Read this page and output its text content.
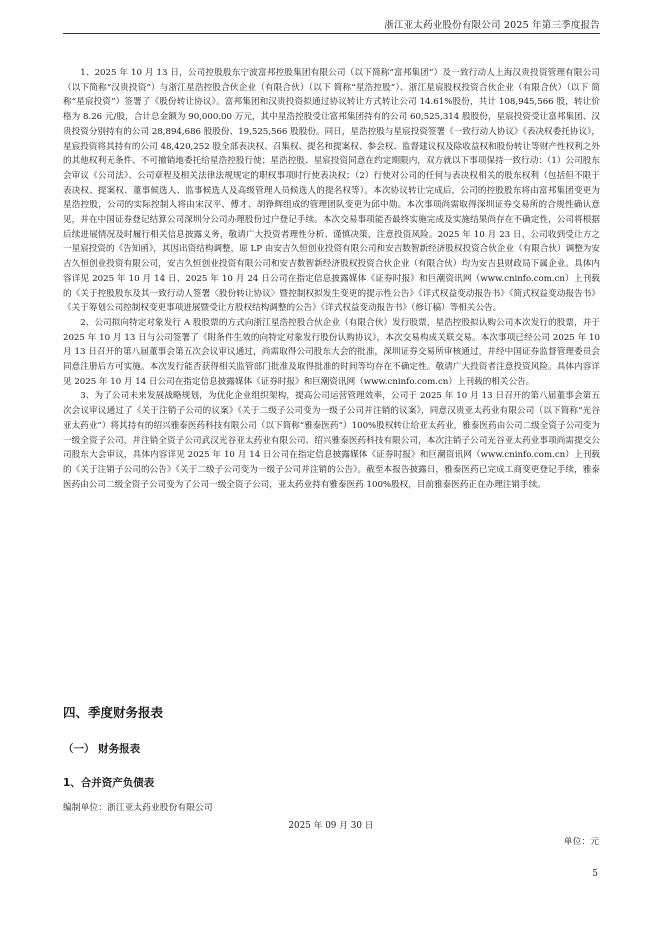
浙江亚太药业股份有限公司 2025 年第三季度报告

1、2025 年 10 月 13 日，公司控股股东宁波富邦控股集团有限公司（以下简称“富邦集团”）及一致行动人上海汉贵投资管理有限公司（以下简称“汉贵投资”）与浙江星浩控股合伙企业（有限合伙）（以下 简称“星浩控股”）、浙江星宸股权投资合伙企业（有限合伙）（以下 简称“星宸投资”）签署了《股份转让协议》。富邦集团和汉贵投资拟通过协议转让方式转让公司 14.61%股份，共计 108,945,566 股，转让价格为 8.26 元/股，合计总金额为 90,000.00 万元，其中星浩控股受让富邦集团持有的公司 60,525,314 股股份，星宸投资受让富邦集团、汉贵投资分别持有的公司 28,894,686 股股份、19,525,566 股股份。同日，星浩控股与星宸投资签署《一致行动人协议》《表决权委托协议》，星宸投资将其持有的公司 48,420,252 股全部表决权、召集权、提名和提案权、参会权、监督建议权及除收益权和股份转让等财产性权利之外的其他权利无条件、不可撤销地委托给星浩控股行使；星浩控股、星宸投资同意在约定期限内，双方就以下事项保持一致行动：（1）公司股东会审议《公司法》、公司章程及相关法律法规规定的职权事项时行使表决权；（2）行使对公司的任何与表决权相关的股东权利（包括但不限于表决权、提案权、董事候选人、监事候选人及高级管理人员候选人的提名权等）。本次协议转让完成后，公司的控股股东将由富邦集团变更为星浩控股，公司的实际控制人将由宋汉平、傅才、胡铮辉组成的管理团队变更为邱中勋。本次事项尚需取得深圳证券交易所的合规性确认意见，并在中国证券登记结算公司深圳分公司办理股份过户登记手续。本次交易事项能否最终实施完成及实施结果尚存在不确定性，公司将根据后续进展情况及时履行相关信息披露义务，敬请广大投资者理性分析、谨慎决策，注意投资风险。2025 年 10 月 23 日，公司收到受让方之一星宸投资的《告知函》，其因出资结构调整，原 LP 由安吉久恒创业投资有限公司和安吉数智新经济股权投资合伙企业（有限合伙）调整为安吉久恒创业投资有限公司，安吉久恒创业投资有限公司和安吉数智新经济股权投资合伙企业（有限合伙）均为安吉县财政局下属企业。具体内容详见 2025 年 10 月 14 日、2025 年 10 月 24 日公司在指定信息披露媒体《证券时报》和巨潮资讯网（www.cninfo.com.cn）上刊载的《关于控股股东及其一致行动人签署〈股份转让协议〉暨控制权拟发生变更的提示性公告》《详式权益变动报告书》《简式权益变动报告书》《关于筹划公司控制权变更事项进展暨受让方股权结构调整的公告》《详式权益变动报告书》（修订稿）等相关公告。

2、公司拟向特定对象发行 A 股股票的方式向浙江星浩控股合伙企业（有限合伙）发行股票，星浩控股拟认购公司本次发行的股票，并于 2025 年 10 月 13 日与公司签署了《附条件生效的向特定对象发行股份认购协议》，本次交易构成关联交易。本次事项已经公司 2025 年 10 月 13 日召开的第八届董事会第五次会议审议通过，尚需取得公司股东大会的批准，深圳证券交易所审核通过，并经中国证券监督管理委员会同意注册后方可实施。本次发行能否获得相关监管部门批准及取得批准的时间等均存在不确定性。敬请广大投资者注意投资风险。具体内容详见 2025 年 10 月 14 日公司在指定信息披露媒体《证券时报》和巨潮资讯网（www.cninfo.com.cn）上刊载的相关公告。

3、为了公司未来发展战略规划，为优化企业组织架构，提高公司运营管理效率，公司于 2025 年 10 月 13 日召开的第八届董事会第五次会议审议通过了《关于注销子公司的议案》《关于二级子公司变为一级子公司并注销的议案》，同意汉贵亚太药业有限公司（以下简称“光谷亚太药业”）将其持有的绍兴雅泰医药科技有限公司（以下简称“雅泰医药”）100%股权转让给亚太药业，雅泰医药由公司二级全资子公司变为一级全资子公司，并注销全资子公司武汉光谷亚太药业有限公司、绍兴雅泰医药科技有限公司，本次注销子公司光谷亚太药业事项尚需提交公司股东大会审议，具体内容详见 2025 年 10 月 14 日公司在指定信息披露媒体《证券时报》和巨潮资讯网（www.cninfo.com.cn）上刊载的《关于注销子公司的公告》《关于二级子公司变为一级子公司并注销的公告》。截至本报告披露日，雅泰医药已完成工商变更登记手续，雅泰医药由公司二级全资子公司变为了公司一级全资子公司，亚太药业持有雅泰医药 100%股权，目前雅泰医药正在办理注销手续。

四、季度财务报表
（一） 财务报表
1、合并资产负债表

编制单位：浙江亚太药业股份有限公司

2025 年 09 月 30 日

单位：元

5
